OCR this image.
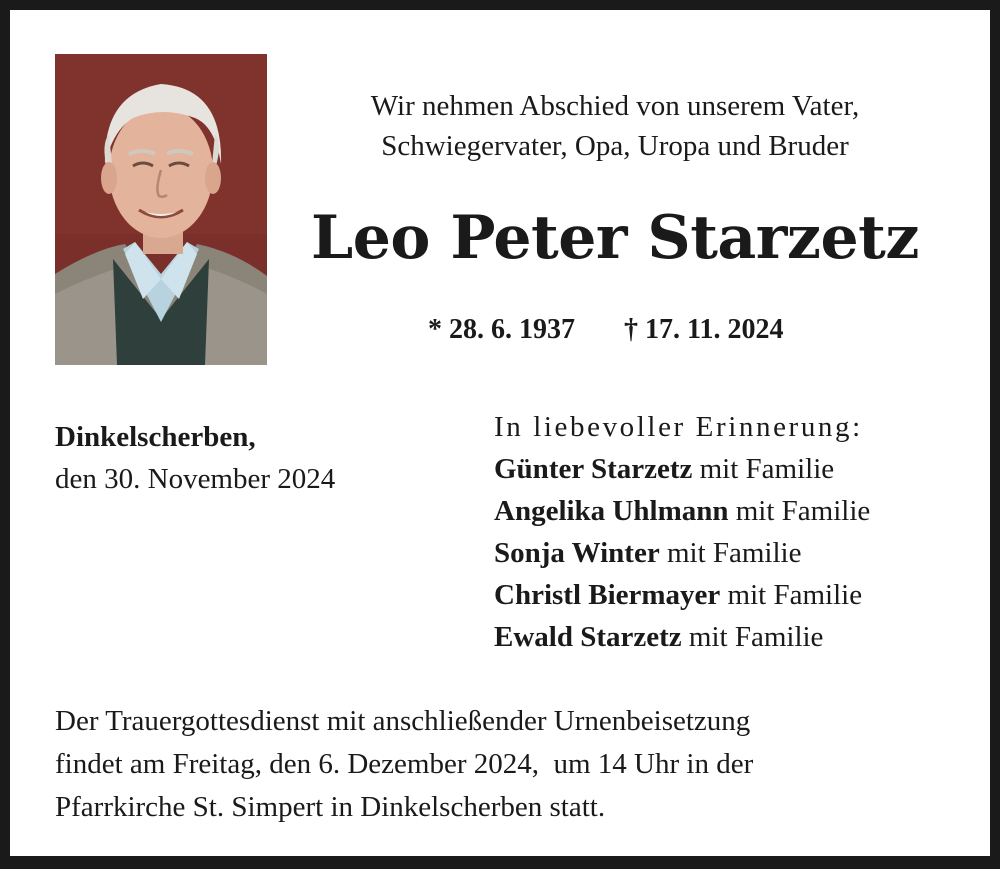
Wir nehmen Abschied von unserem Vater,
Schwiegervater, Opa, Uropa und Bruder
Leo Peter Starzetz
* 28. 6. 1937 † 17. 11. 2024
Dinkelscherben,
den 30. November 2024
In liebevoller Erinnerung:
Günter Starzetz mit Familie
Angelika Uhlmann mit Familie
Sonja Winter mit Familie
Christl Biermayer mit Familie
Ewald Starzetz mit Familie
Der Trauergottesdienst mit anschließender Urnenbeisetzung
findet am Freitag, den 6. Dezember 2024,  um 14 Uhr in der
Pfarrkirche St. Simpert in Dinkelscherben statt.
